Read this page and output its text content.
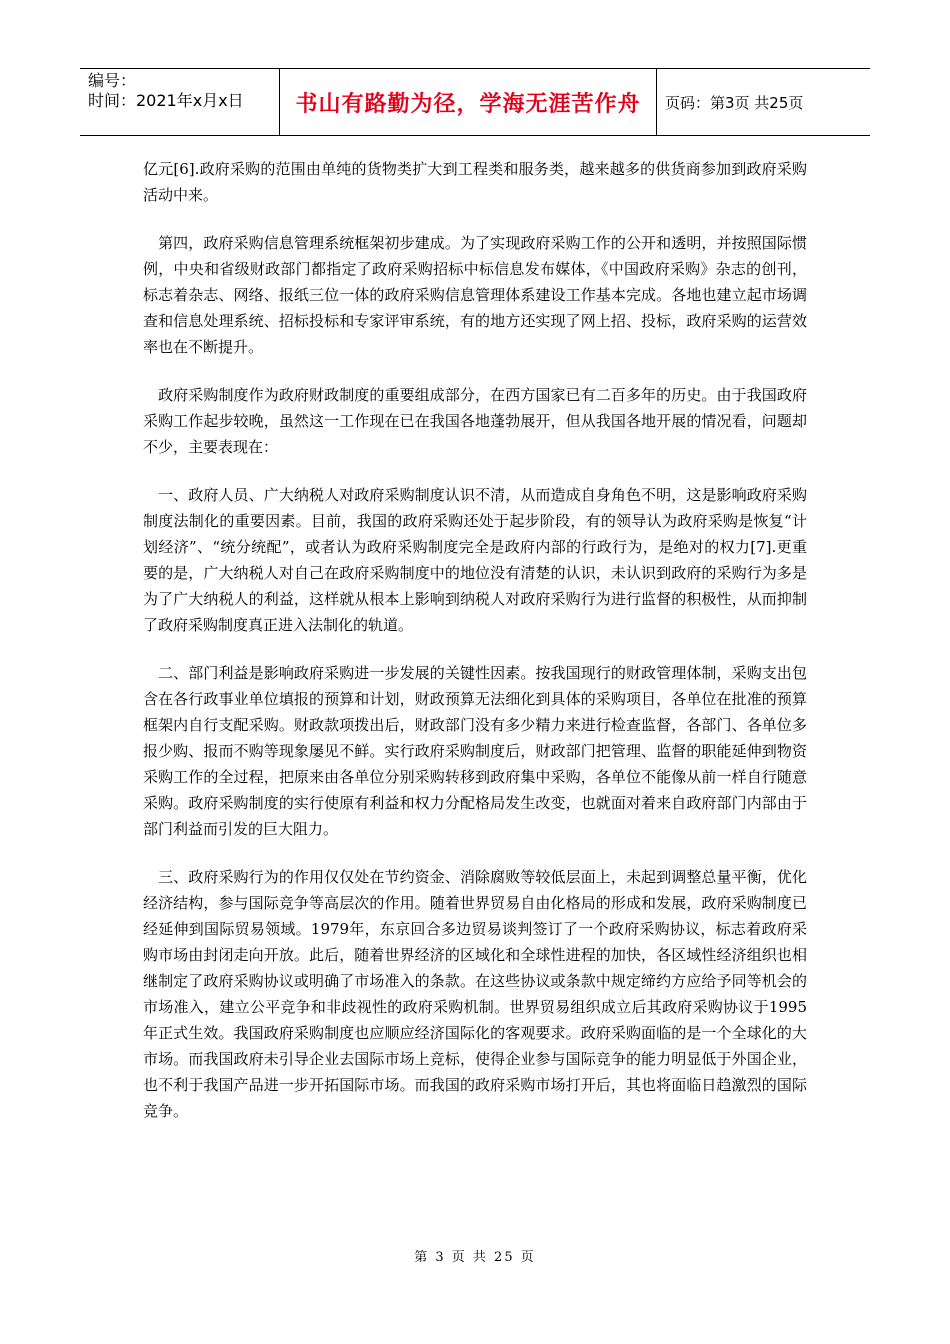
编号：
时间：2021年x月x日	书山有路勤为径，学海无涯苦作舟	页码：第3页 共25页

亿元[6].政府采购的范围由单纯的货物类扩大到工程类和服务类，越来越多的供货商参加到政府采购活动中来。

　第四，政府采购信息管理系统框架初步建成。为了实现政府采购工作的公开和透明，并按照国际惯例，中央和省级财政部门都指定了政府采购招标中标信息发布媒体，《中国政府采购》杂志的创刊，标志着杂志、网络、报纸三位一体的政府采购信息管理体系建设工作基本完成。各地也建立起市场调查和信息处理系统、招标投标和专家评审系统，有的地方还实现了网上招、投标，政府采购的运营效率也在不断提升。

　政府采购制度作为政府财政制度的重要组成部分，在西方国家已有二百多年的历史。由于我国政府采购工作起步较晚，虽然这一工作现在已在我国各地蓬勃展开，但从我国各地开展的情况看，问题却不少，主要表现在：

　一、政府人员、广大纳税人对政府采购制度认识不清，从而造成自身角色不明，这是影响政府采购制度法制化的重要因素。目前，我国的政府采购还处于起步阶段，有的领导认为政府采购是恢复“计划经济”、“统分统配”，或者认为政府采购制度完全是政府内部的行政行为，是绝对的权力[7].更重要的是，广大纳税人对自己在政府采购制度中的地位没有清楚的认识，未认识到政府的采购行为多是为了广大纳税人的利益，这样就从根本上影响到纳税人对政府采购行为进行监督的积极性，从而抑制了政府采购制度真正进入法制化的轨道。

　二、部门利益是影响政府采购进一步发展的关键性因素。按我国现行的财政管理体制，采购支出包含在各行政事业单位填报的预算和计划，财政预算无法细化到具体的采购项目，各单位在批准的预算框架内自行支配采购。财政款项拨出后，财政部门没有多少精力来进行检查监督，各部门、各单位多报少购、报而不购等现象屡见不鲜。实行政府采购制度后，财政部门把管理、监督的职能延伸到物资采购工作的全过程，把原来由各单位分别采购转移到政府集中采购，各单位不能像从前一样自行随意采购。政府采购制度的实行使原有利益和权力分配格局发生改变，也就面对着来自政府部门内部由于部门利益而引发的巨大阻力。

　三、政府采购行为的作用仅仅处在节约资金、消除腐败等较低层面上，未起到调整总量平衡，优化经济结构，参与国际竞争等高层次的作用。随着世界贸易自由化格局的形成和发展，政府采购制度已经延伸到国际贸易领域。1979年，东京回合多边贸易谈判签订了一个政府采购协议，标志着政府采购市场由封闭走向开放。此后，随着世界经济的区域化和全球性进程的加快，各区域性经济组织也相继制定了政府采购协议或明确了市场准入的条款。在这些协议或条款中规定缔约方应给予同等机会的市场准入，建立公平竞争和非歧视性的政府采购机制。世界贸易组织成立后其政府采购协议于1995年正式生效。我国政府采购制度也应顺应经济国际化的客观要求。政府采购面临的是一个全球化的大市场。而我国政府未引导企业去国际市场上竞标，使得企业参与国际竞争的能力明显低于外国企业，也不利于我国产品进一步开拓国际市场。而我国的政府采购市场打开后，其也将面临日趋激烈的国际竞争。

第 3 页 共 25 页
